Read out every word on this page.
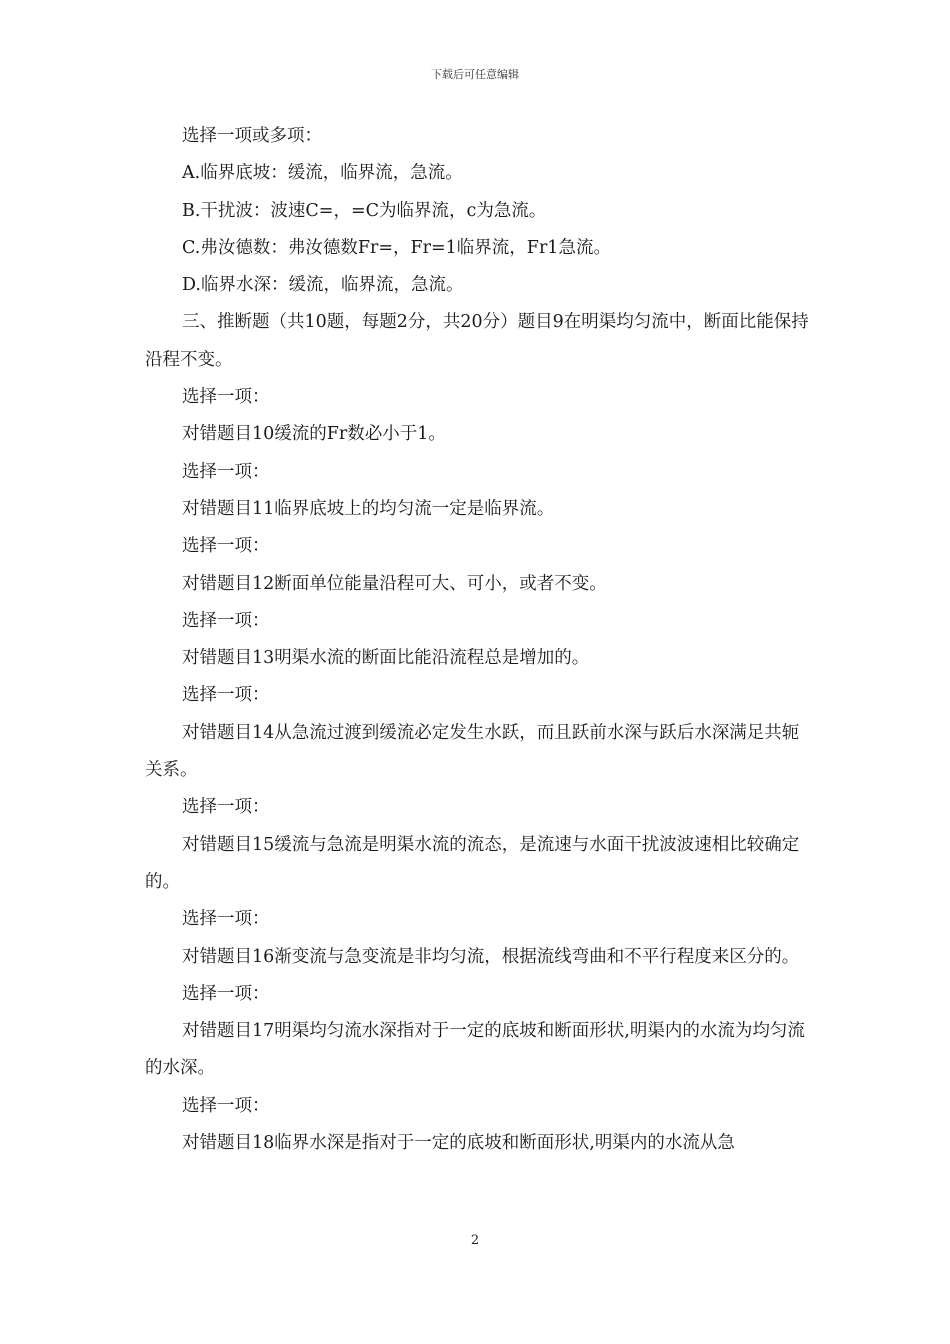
下载后可任意编辑

选择一项或多项：

A.临界底坡：缓流，临界流，急流。

B.干扰波：波速C=，=C为临界流，c为急流。

C.弗汝德数：弗汝德数Fr=，Fr=1临界流，Fr1急流。

D.临界水深：缓流，临界流，急流。

三、推断题（共10题，每题2分，共20分）题目9在明渠均匀流中，断面比能保持沿程不变。

选择一项：

对错题目10缓流的Fr数必小于1。

选择一项：

对错题目11临界底坡上的均匀流一定是临界流。

选择一项：

对错题目12断面单位能量沿程可大、可小，或者不变。

选择一项：

对错题目13明渠水流的断面比能沿流程总是增加的。

选择一项：

对错题目14从急流过渡到缓流必定发生水跃，而且跃前水深与跃后水深满足共轭关系。

选择一项：

对错题目15缓流与急流是明渠水流的流态，是流速与水面干扰波波速相比较确定的。

选择一项：

对错题目16渐变流与急变流是非均匀流，根据流线弯曲和不平行程度来区分的。

选择一项：

对错题目17明渠均匀流水深指对于一定的底坡和断面形状,明渠内的水流为均匀流的水深。

选择一项：

对错题目18临界水深是指对于一定的底坡和断面形状,明渠内的水流从急

2
